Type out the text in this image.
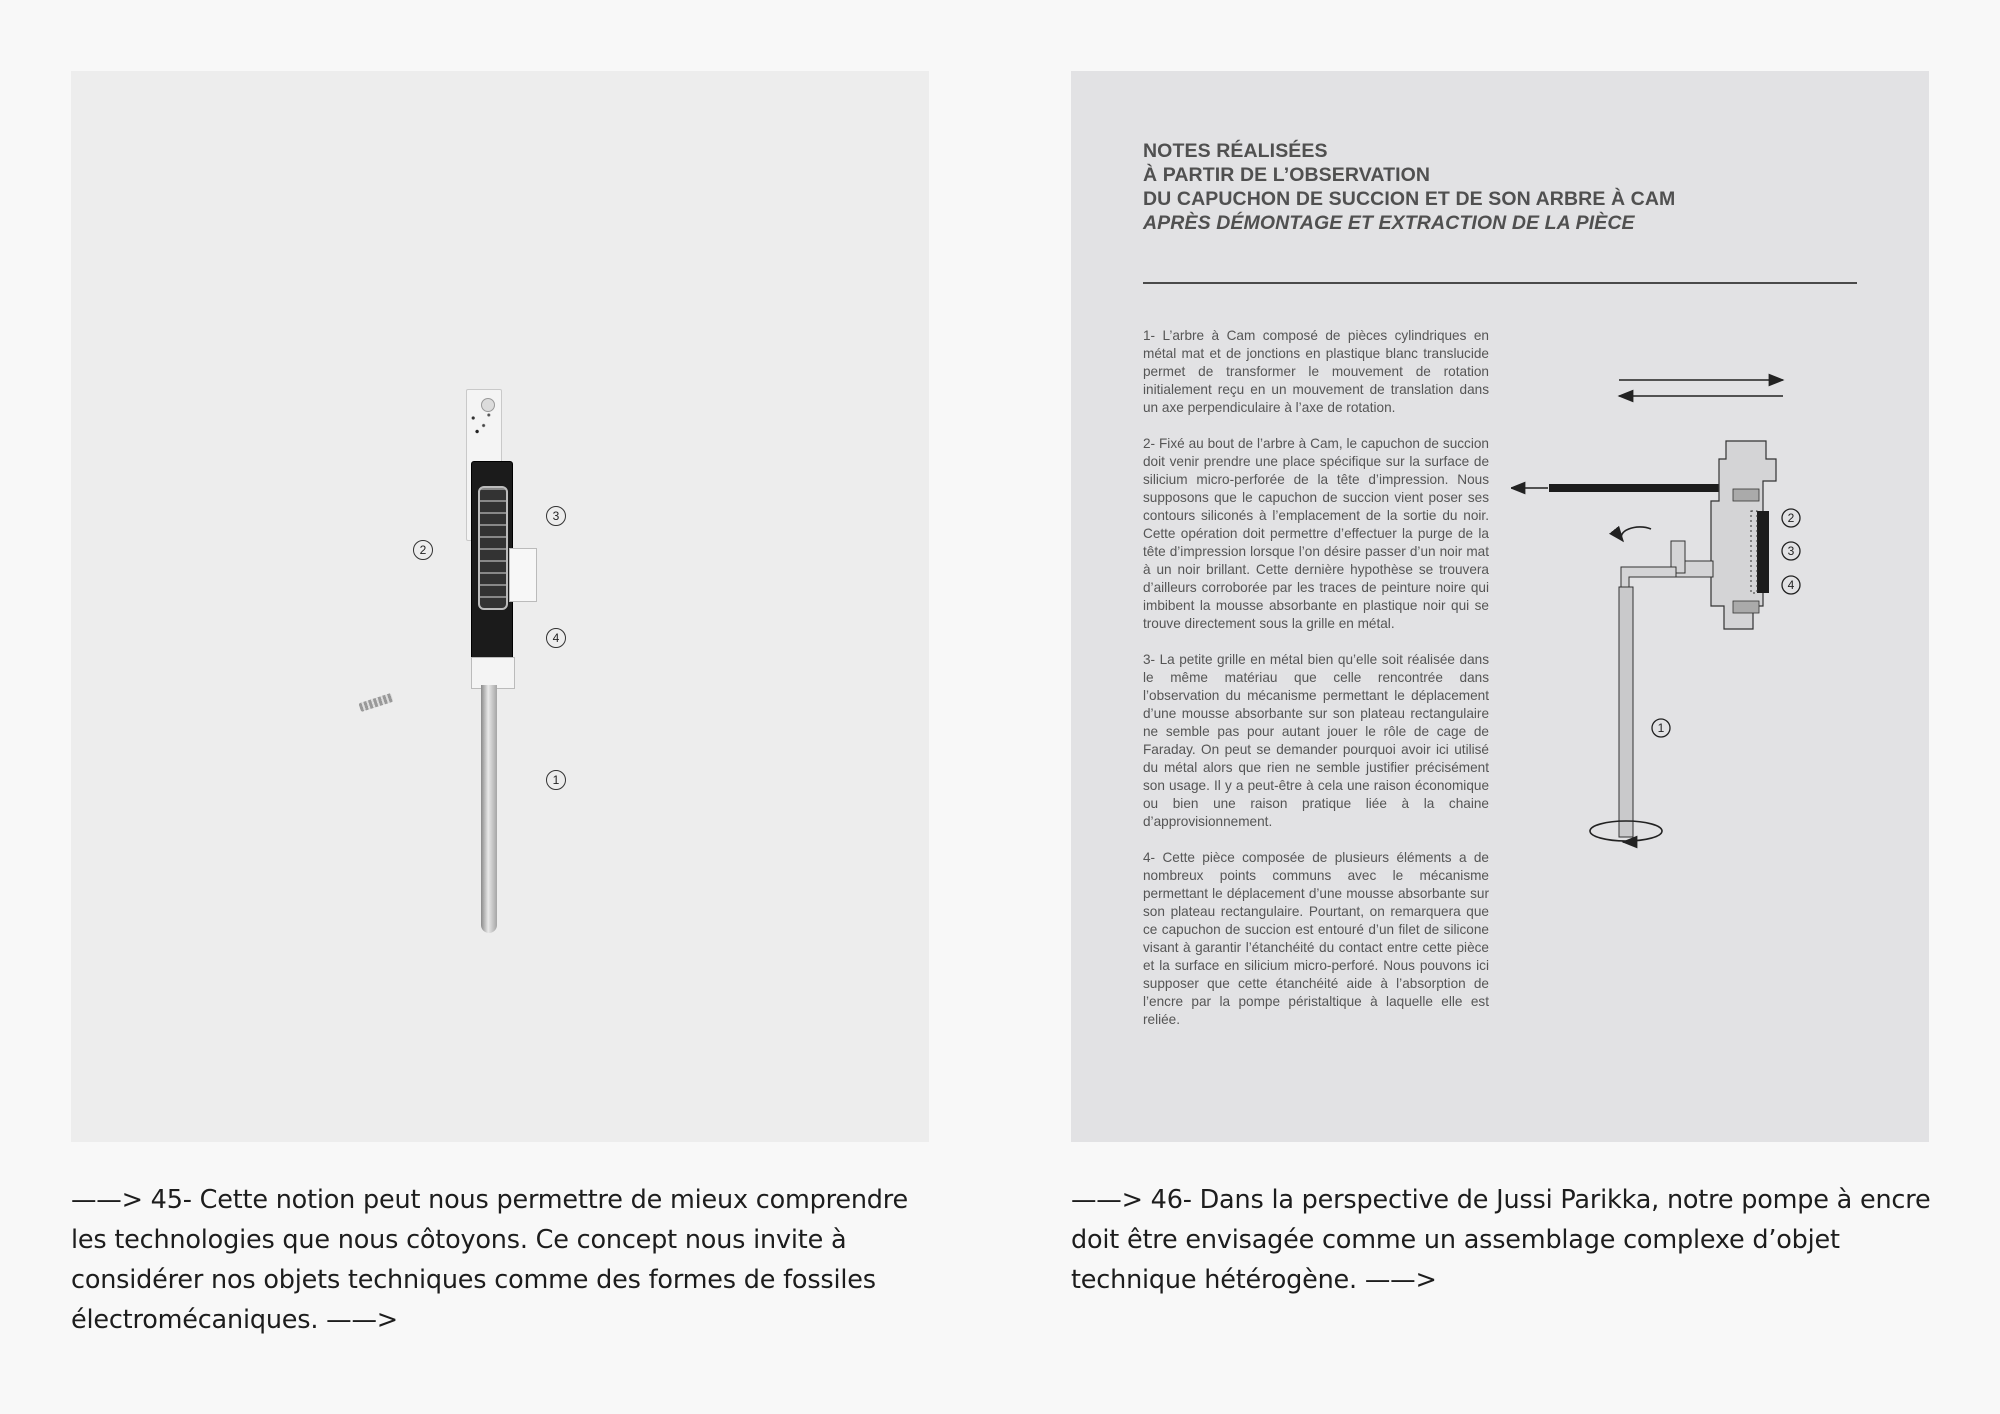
2
3
4
1
NOTES RÉALISÉES
À PARTIR DE L’OBSERVATION
DU CAPUCHON DE SUCCION ET DE SON ARBRE À CAM
APRÈS DÉMONTAGE ET EXTRACTION DE LA PIÈCE

1- L’arbre à Cam composé de pièces cylindriques en métal mat et de jonctions en plastique blanc translucide permet de transformer le mouvement de rotation initialement reçu en un mouvement de translation dans un axe perpendiculaire à l’axe de rotation.

2- Fixé au bout de l’arbre à Cam, le capuchon de succion doit venir prendre une place spécifique sur la surface de silicium micro-perforée de la tête d’impression. Nous supposons que le capuchon de succion vient poser ses contours siliconés à l’emplacement de la sortie du noir. Cette opération doit permettre d’effectuer la purge de la tête d’impression lorsque l’on désire passer d’un noir mat à un noir brillant. Cette dernière hypothèse se trouvera d’ailleurs corroborée par les traces de peinture noire qui imbibent la mousse absorbante en plastique noir qui se trouve directement sous la grille en métal.

3- La petite grille en métal bien qu’elle soit réalisée dans le même matériau que celle rencontrée dans l’observation du mécanisme permettant le déplacement d’une mousse absorbante sur son plateau rectangulaire ne semble pas pour autant jouer le rôle de cage de Faraday. On peut se demander pourquoi avoir ici utilisé du métal alors que rien ne semble justifier précisément son usage. Il y a peut-être à cela une raison économique ou bien une raison pratique liée à la chaine d’approvisionnement.

4- Cette pièce composée de plusieurs éléments a de nombreux points communs avec le mécanisme permettant le déplacement d’une mousse absorbante sur son plateau rectangulaire. Pourtant, on remarquera que ce capuchon de succion est entouré d’un filet de silicone visant à garantir l’étanchéité du contact entre cette pièce et la surface en silicium micro-perforé. Nous pouvons ici supposer que cette étanchéité aide à l’absorption de l’encre par la pompe péristaltique à laquelle elle est reliée.

2
3
4
1
——> 45- Cette notion peut nous permettre de mieux comprendre les technologies que nous côtoyons. Ce concept nous invite à considérer nos objets techniques comme des formes de fossiles électromécaniques. ——>
——> 46- Dans la perspective de Jussi Parikka, notre pompe à encre doit être envisagée comme un assemblage complexe d’objet technique hétérogène. ——>
